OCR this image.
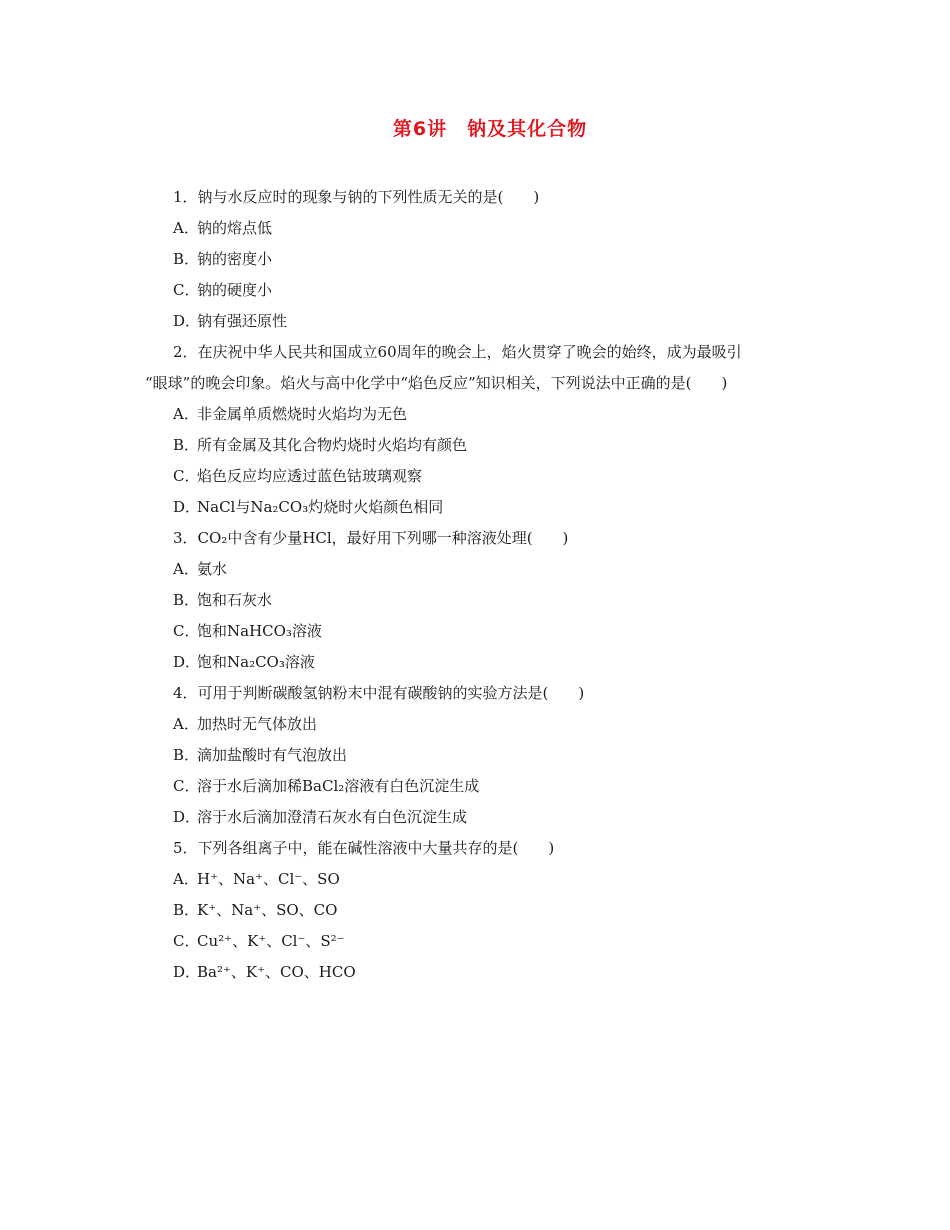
第6讲　钠及其化合物
1．钠与水反应时的现象与钠的下列性质无关的是(　　)
A．钠的熔点低
B．钠的密度小
C．钠的硬度小
D．钠有强还原性
2．在庆祝中华人民共和国成立60周年的晚会上，焰火贯穿了晚会的始终，成为最吸引
“眼球”的晚会印象。焰火与高中化学中“焰色反应”知识相关，下列说法中正确的是(　　)
A．非金属单质燃烧时火焰均为无色
B．所有金属及其化合物灼烧时火焰均有颜色
C．焰色反应均应透过蓝色钴玻璃观察
D．NaCl与Na₂CO₃灼烧时火焰颜色相同
3．CO₂中含有少量HCl，最好用下列哪一种溶液处理(　　)
A．氨水
B．饱和石灰水
C．饱和NaHCO₃溶液
D．饱和Na₂CO₃溶液
4．可用于判断碳酸氢钠粉末中混有碳酸钠的实验方法是(　　)
A．加热时无气体放出
B．滴加盐酸时有气泡放出
C．溶于水后滴加稀BaCl₂溶液有白色沉淀生成
D．溶于水后滴加澄清石灰水有白色沉淀生成
5．下列各组离子中，能在碱性溶液中大量共存的是(　　)
A．H⁺、Na⁺、Cl⁻、SO
B．K⁺、Na⁺、SO、CO
C．Cu²⁺、K⁺、Cl⁻、S²⁻
D．Ba²⁺、K⁺、CO、HCO
